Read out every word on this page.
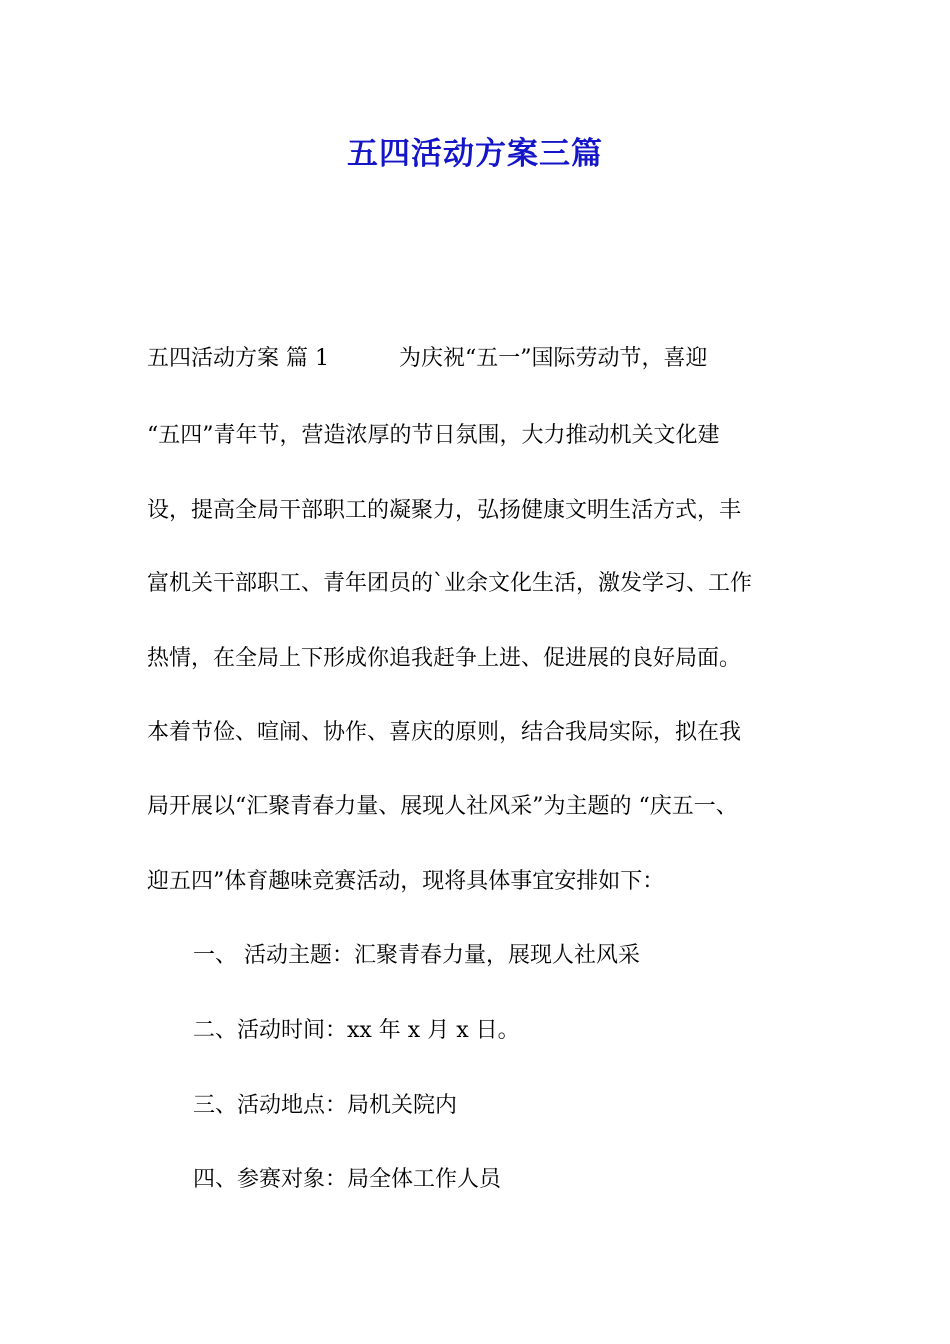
五四活动方案三篇
五四活动方案 篇 1	为庆祝“五一”国际劳动节，喜迎
“五四”青年节，营造浓厚的节日氛围，大力推动机关文化建
设，提高全局干部职工的凝聚力，弘扬健康文明生活方式，丰
富机关干部职工、青年团员的`业余文化生活，激发学习、工作
热情，在全局上下形成你追我赶争上进、促进展的良好局面。
本着节俭、喧闹、协作、喜庆的原则，结合我局实际，拟在我
局开展以“汇聚青春力量、展现人社风采”为主题的 “庆五一、
迎五四”体育趣味竞赛活动，现将具体事宜安排如下：
一、 活动主题：汇聚青春力量，展现人社风采
二、活动时间：xx 年 x 月 x 日。
三、活动地点：局机关院内
四、参赛对象：局全体工作人员
